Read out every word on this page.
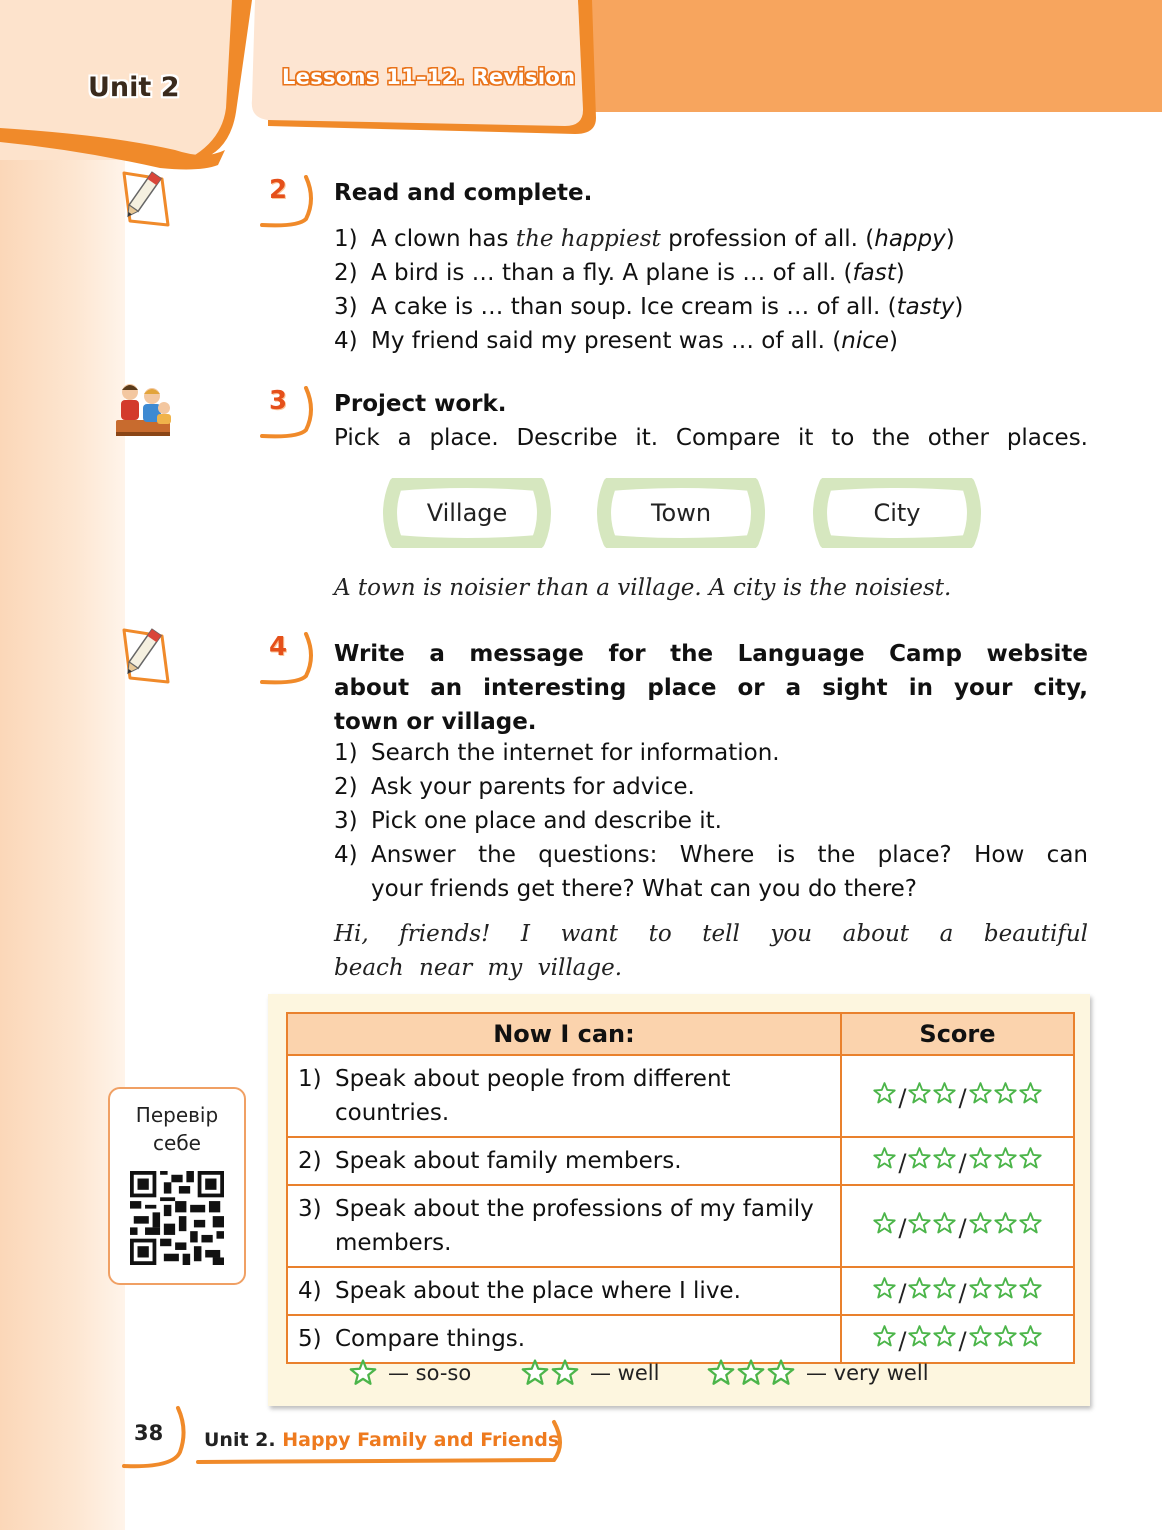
Unit 2	Lessons 11–12. Revision
2	Read and complete.
1) A clown has the happiest profession of all. (happy)
2) A bird is … than a fly. A plane is … of all. (fast)
3) A cake is … than soup. Ice cream is … of all. (tasty)
4) My friend said my present was … of all. (nice)
3	Project work.
Pick a place. Describe it. Compare it to the other places.
Village	Town	City
A town is noisier than a village. A city is the noisiest.
4	Write a message for the Language Camp website
about an interesting place or a sight in your city,
town or village.
1) Search the internet for information.
2) Ask your parents for advice.
3) Pick one place and describe it.
4) Answer the questions: Where is the place? How can
your friends get there? What can you do there?
Hi, friends! I want to tell you about a beautiful
beach near my village.
Перевір
себе
Now I can:	Score

1) Speak about people from different countries.	/ /

2) Speak about family members.	/ /

3) Speak about the professions of my family members.	/ /

4) Speak about the place where I live.	/ /

5) Compare things.	/ /
— so-so	— well	— very well
38 Unit 2. Happy Family and Friends
